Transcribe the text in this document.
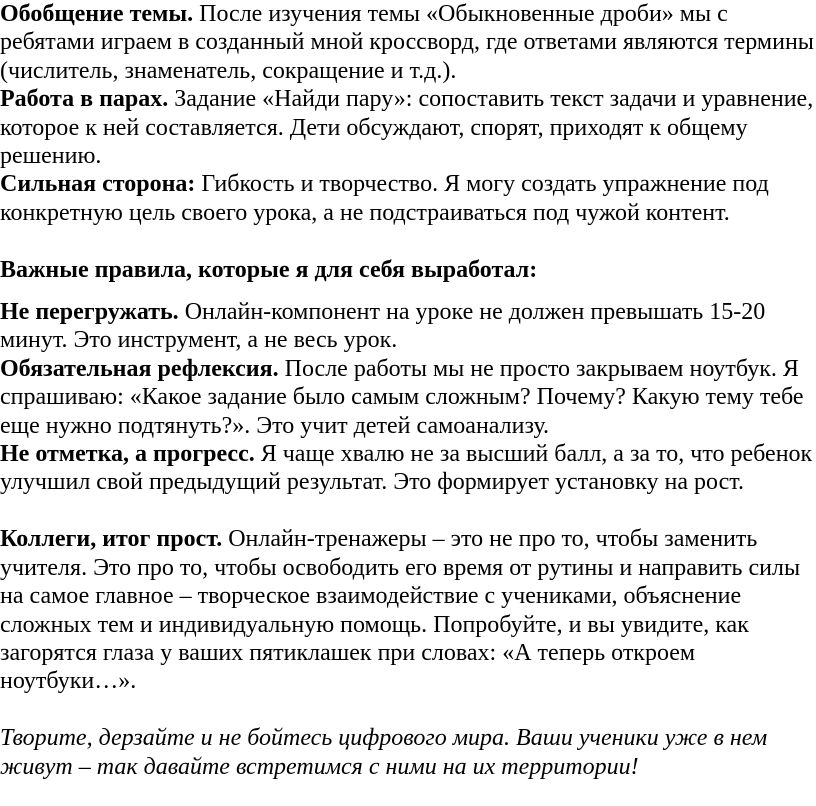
Обобщение темы. После изучения темы «Обыкновенные дроби» мы с ребятами играем в созданный мной кроссворд, где ответами являются термины (числитель, знаменатель, сокращение и т.д.).

Работа в парах. Задание «Найди пару»: сопоставить текст задачи и уравнение, которое к ней составляется. Дети обсуждают, спорят, приходят к общему решению.

Сильная сторона: Гибкость и творчество. Я могу создать упражнение под конкретную цель своего урока, а не подстраиваться под чужой контент.

Важные правила, которые я для себя выработал:

Не перегружать. Онлайн-компонент на уроке не должен превышать 15-20 минут. Это инструмент, а не весь урок.

Обязательная рефлексия. После работы мы не просто закрываем ноутбук. Я спрашиваю: «Какое задание было самым сложным? Почему? Какую тему тебе еще нужно подтянуть?». Это учит детей самоанализу.

Не отметка, а прогресс. Я чаще хвалю не за высший балл, а за то, что ребенок улучшил свой предыдущий результат. Это формирует установку на рост.

Коллеги, итог прост. Онлайн-тренажеры – это не про то, чтобы заменить учителя. Это про то, чтобы освободить его время от рутины и направить силы на самое главное – творческое взаимодействие с учениками, объяснение сложных тем и индивидуальную помощь. Попробуйте, и вы увидите, как загорятся глаза у ваших пятиклашек при словах: «А теперь откроем ноутбуки…».

Творите, дерзайте и не бойтесь цифрового мира. Ваши ученики уже в нем живут – так давайте встретимся с ними на их территории!
